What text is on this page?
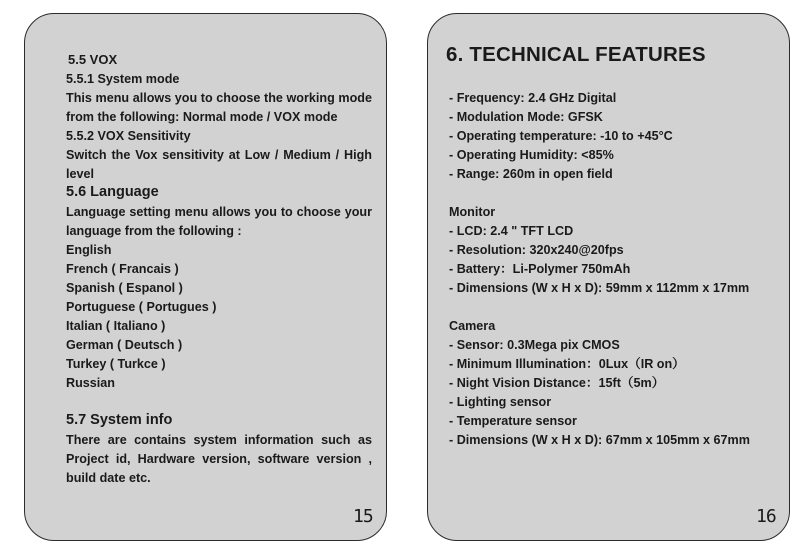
5.5 VOX
5.5.1 System mode
This menu allows you to choose the working mode
from the following: Normal mode / VOX mode
5.5.2 VOX Sensitivity
Switch the Vox sensitivity at Low / Medium / High
level
5.6 Language
Language setting menu allows you to choose your
language from the following :
English
French ( Francais )
Spanish ( Espanol )
Portuguese ( Portugues )
Italian ( Italiano )
German ( Deutsch )
Turkey ( Turkce )
Russian
5.7 System info
There are contains system information such as
Project id, Hardware version, software version ,
build date etc.
15
6. TECHNICAL FEATURES
- Frequency: 2.4 GHz Digital
- Modulation Mode: GFSK
- Operating temperature: -10 to +45°C
- Operating Humidity: <85%
- Range: 260m in open field
Monitor
- LCD: 2.4 " TFT LCD
- Resolution: 320x240@20fps
- Battery：Li-Polymer 750mAh
- Dimensions (W x H x D): 59mm x 112mm x 17mm
Camera
- Sensor: 0.3Mega pix CMOS
- Minimum Illumination：0Lux（IR on）
- Night Vision Distance：15ft（5m）
- Lighting sensor
- Temperature sensor
- Dimensions (W x H x D): 67mm x 105mm x 67mm
16
